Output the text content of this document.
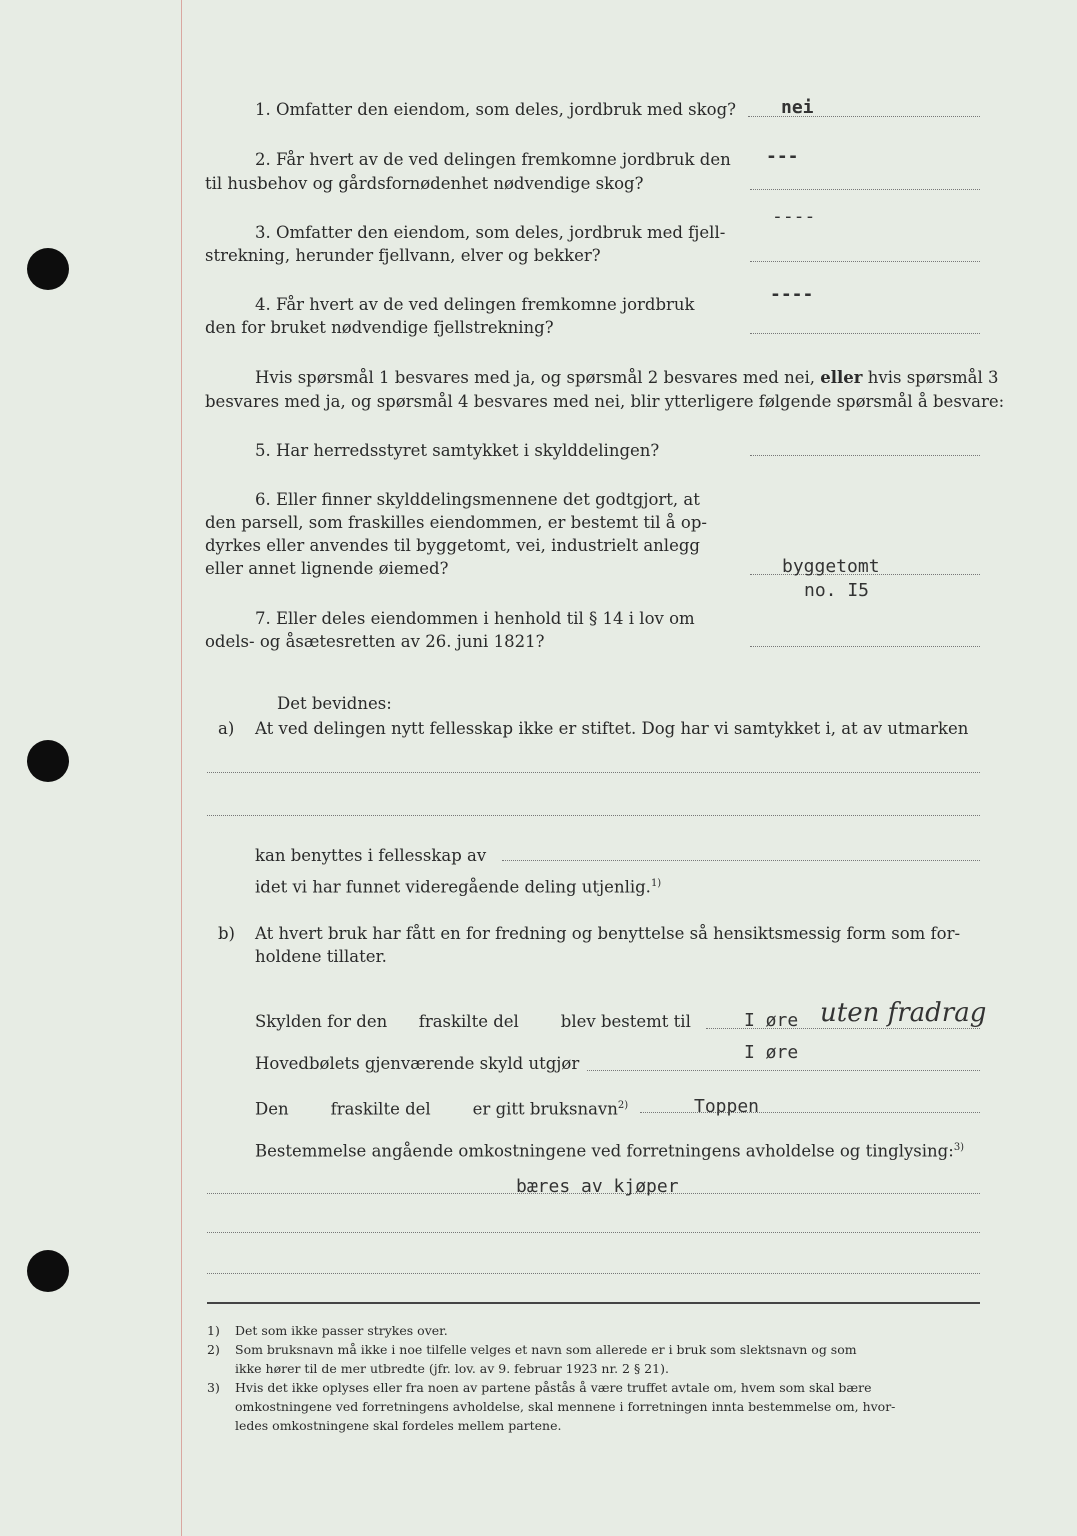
1. Omfatter den eiendom, som deles, jordbruk med skog?	nei
2. Får hvert av de ved delingen fremkomne jordbruk den
til husbehov og gårdsfornødenhet nødvendige skog?
---
3. Omfatter den eiendom, som deles, jordbruk med fjell-
strekning, herunder fjellvann, elver og bekker?
----
4. Får hvert av de ved delingen fremkomne jordbruk
den for bruket nødvendige fjellstrekning?
----
Hvis spørsmål 1 besvares med ja, og spørsmål 2 besvares med nei, eller hvis spørsmål 3
besvares med ja, og spørsmål 4 besvares med nei, blir ytterligere følgende spørsmål å besvare:
5. Har herredsstyret samtykket i skylddelingen?
6. Eller finner skylddelingsmennene det godtgjort, at
den parsell, som fraskilles eiendommen, er bestemt til å op-
dyrkes eller anvendes til byggetomt, vei, industrielt anlegg
eller annet lignende øiemed?	byggetomt
no. I5
7. Eller deles eiendommen i henhold til § 14 i lov om
odels- og åsætesretten av 26. juni 1821?
Det bevidnes:
a) At ved delingen nytt fellesskap ikke er stiftet. Dog har vi samtykket i, at av utmarken
kan benyttes i fellesskap av
idet vi har funnet videregående deling utjenlig.$^{1)}$
b) At hvert bruk har fått en for fredning og benyttelse så hensiktsmessig form som for-
holdene tillater.
Skylden for den fraskilte del	blev bestemt til	I øre uten fradrag
Hovedbølets gjenværende skyld utgjør
I øre
Den	fraskilte del	er gitt bruksnavn$^{2)}$	Toppen
Bestemmelse angående omkostningene ved forretningens avholdelse og tinglysing:$^{3)}$
bæres av kjøper
1) Det som ikke passer strykes over.
2) Som bruksnavn må ikke i noe tilfelle velges et navn som allerede er i bruk som slektsnavn og som
ikke hører til de mer utbredte (jfr. lov. av 9. februar 1923 nr. 2 § 21).
3) Hvis det ikke oplyses eller fra noen av partene påstås å være truffet avtale om, hvem som skal bære
omkostningene ved forretningens avholdelse, skal mennene i forretningen innta bestemmelse om, hvor-
ledes omkostningene skal fordeles mellem partene.
